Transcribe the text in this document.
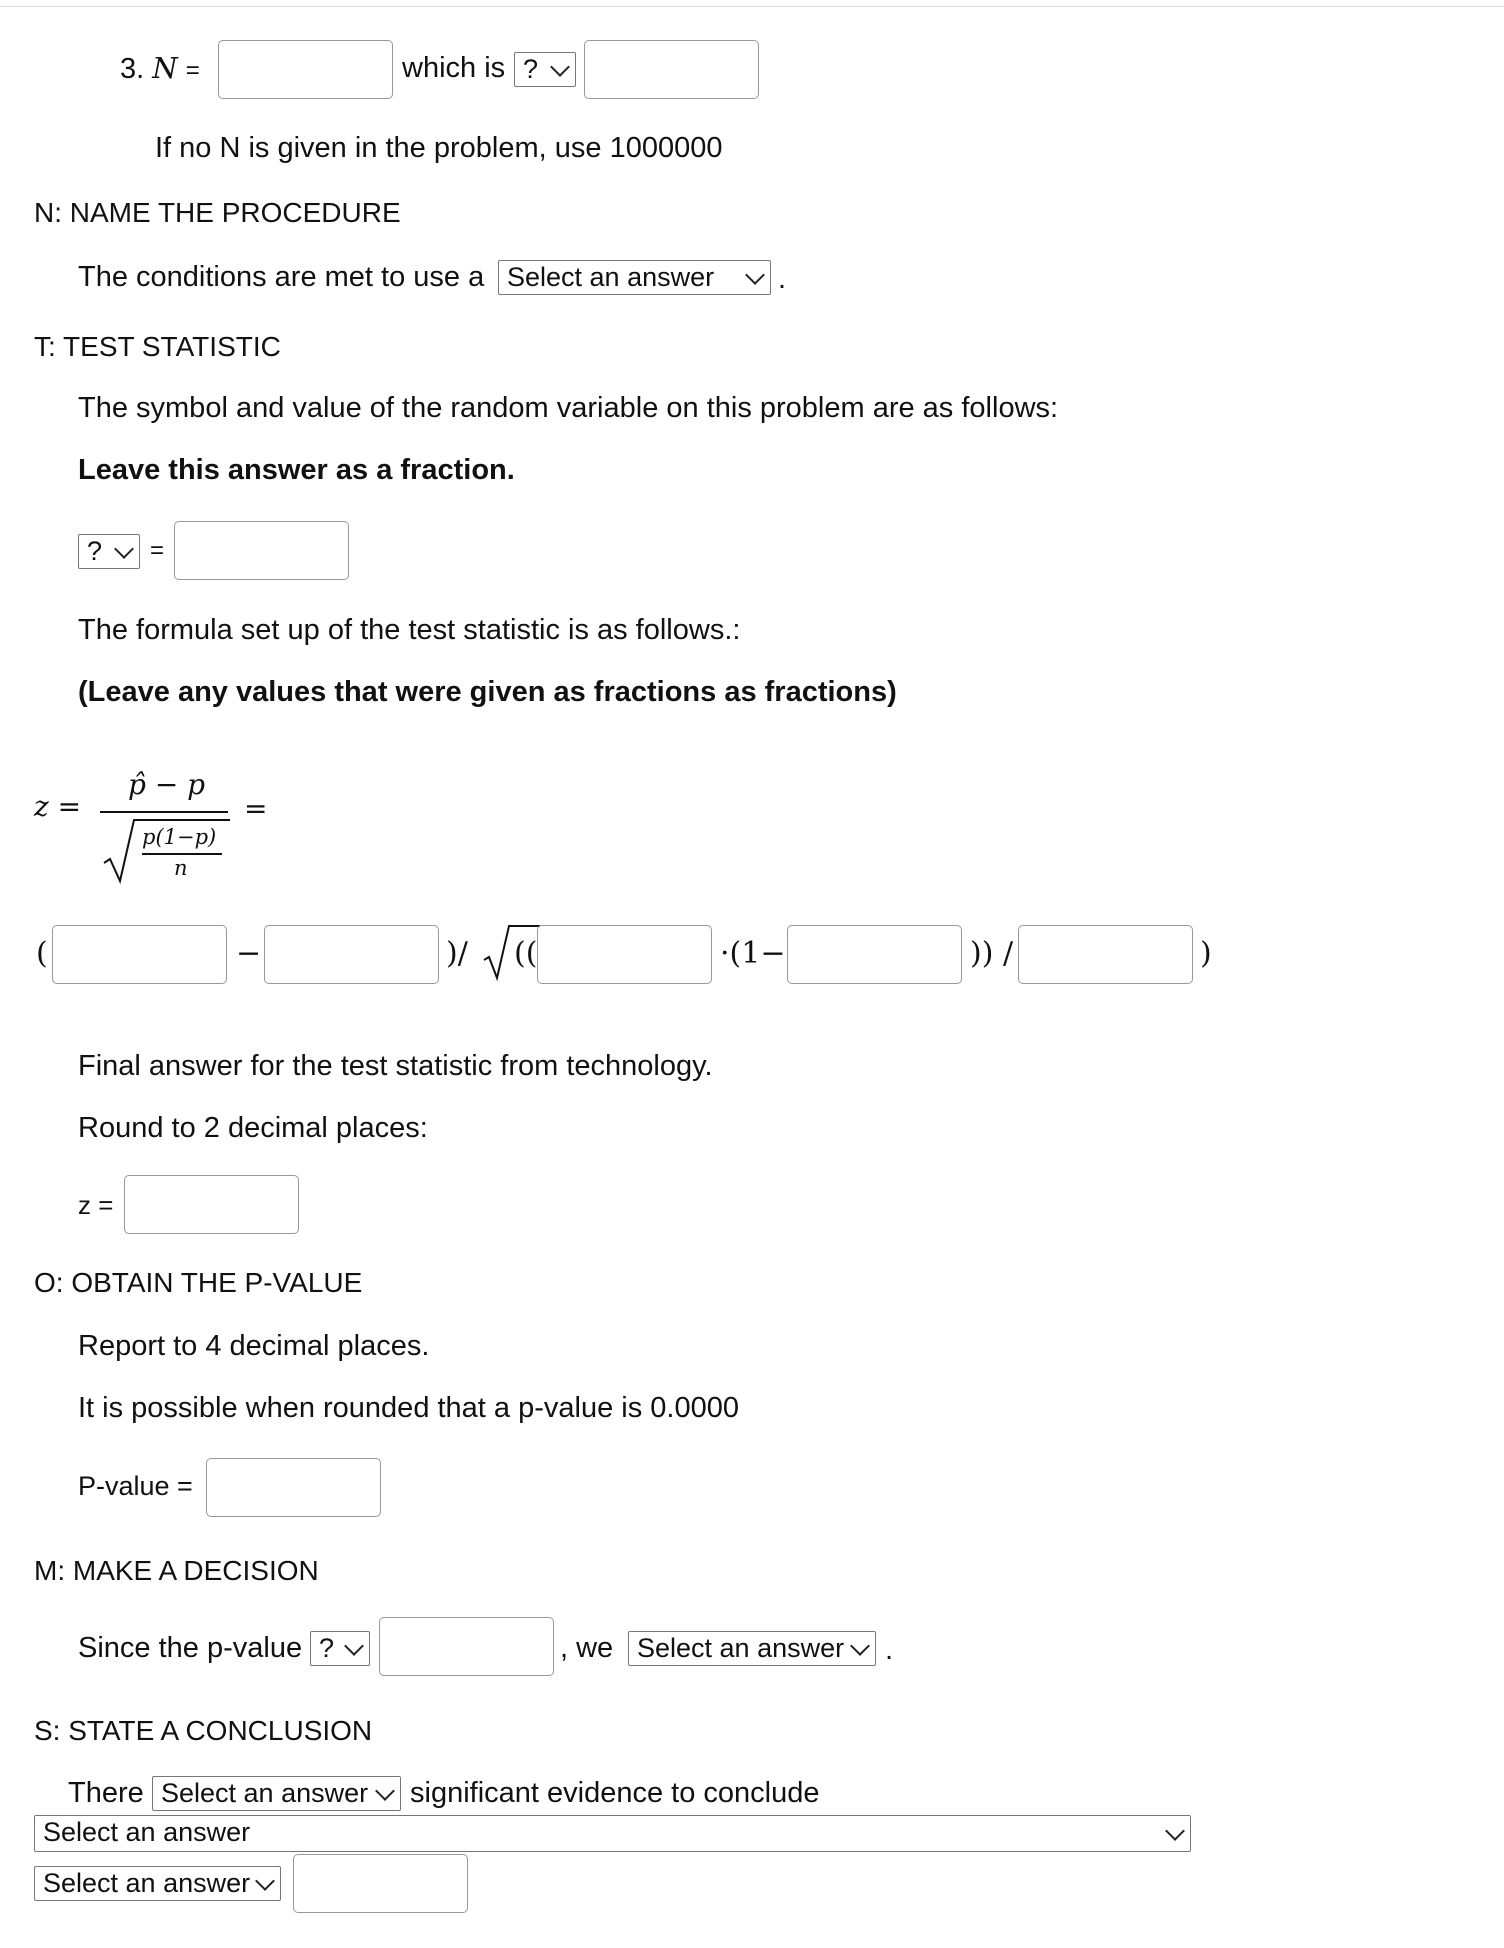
3. N =	which is ?
If no N is given in the problem, use 1000000
N: NAME THE PROCEDURE
The conditions are met to use a Select an answer	.
T: TEST STATISTIC
The symbol and value of the random variable on this problem are as follows:
Leave this answer as a fraction.
?	=
The formula set up of the test statistic is as follows.:
(Leave any values that were given as fractions as fractions)
z =
p̂ − p
p(1−p)
n
=
(	−	)/ ((	·(1−	)) /	)
Final answer for the test statistic from technology.
Round to 2 decimal places:
z =
O: OBTAIN THE P-VALUE
Report to 4 decimal places.
It is possible when rounded that a p-value is 0.0000
P-value =
M: MAKE A DECISION
Since the p-value ?	, we Select an answer	.
S: STATE A CONCLUSION
There Select an answer	significant evidence to conclude
Select an answer
Select an answer
